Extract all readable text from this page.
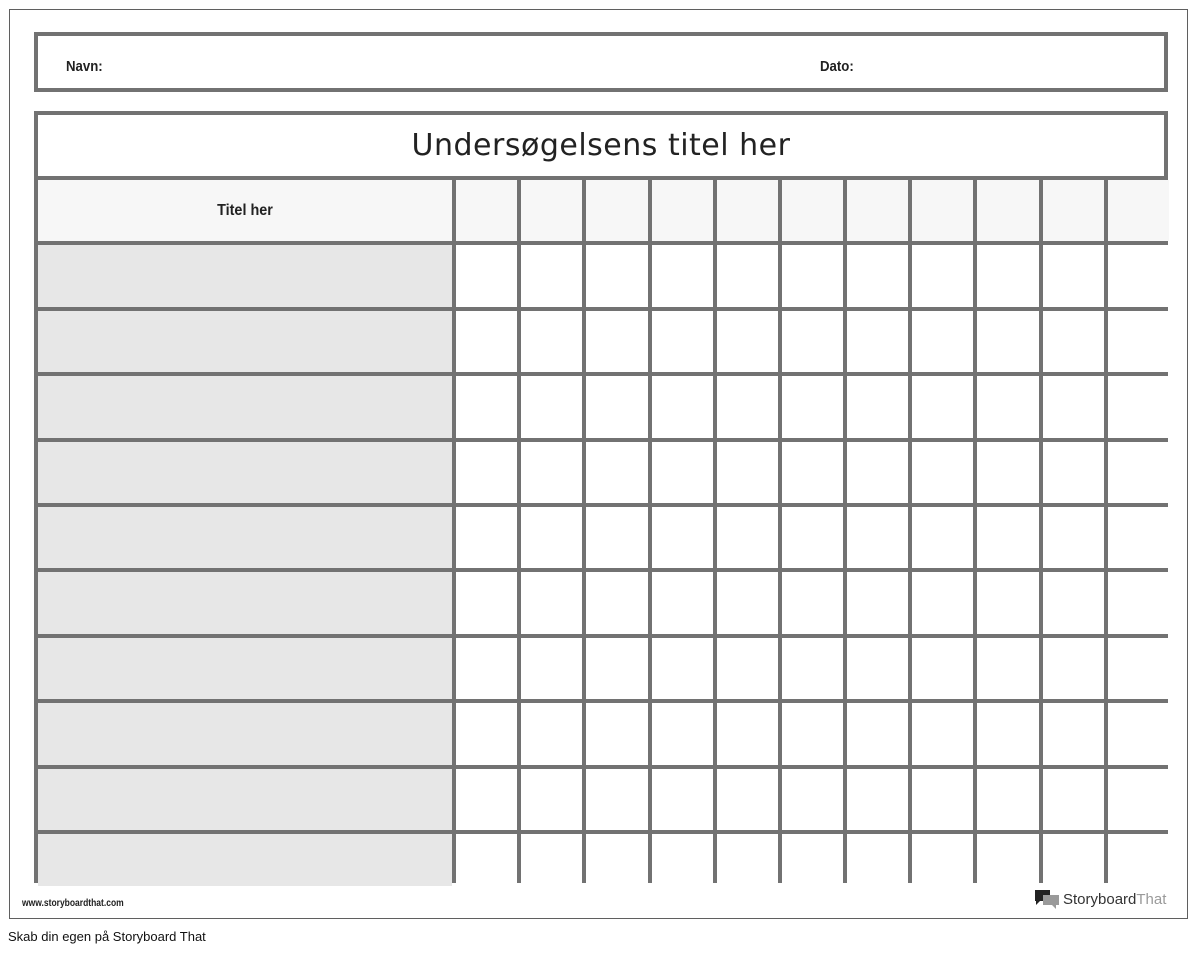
Navn:	Dato:
Undersøgelsens titel her
Titel her
www.storyboardthat.com	Storyboard That
Skab din egen på Storyboard That
